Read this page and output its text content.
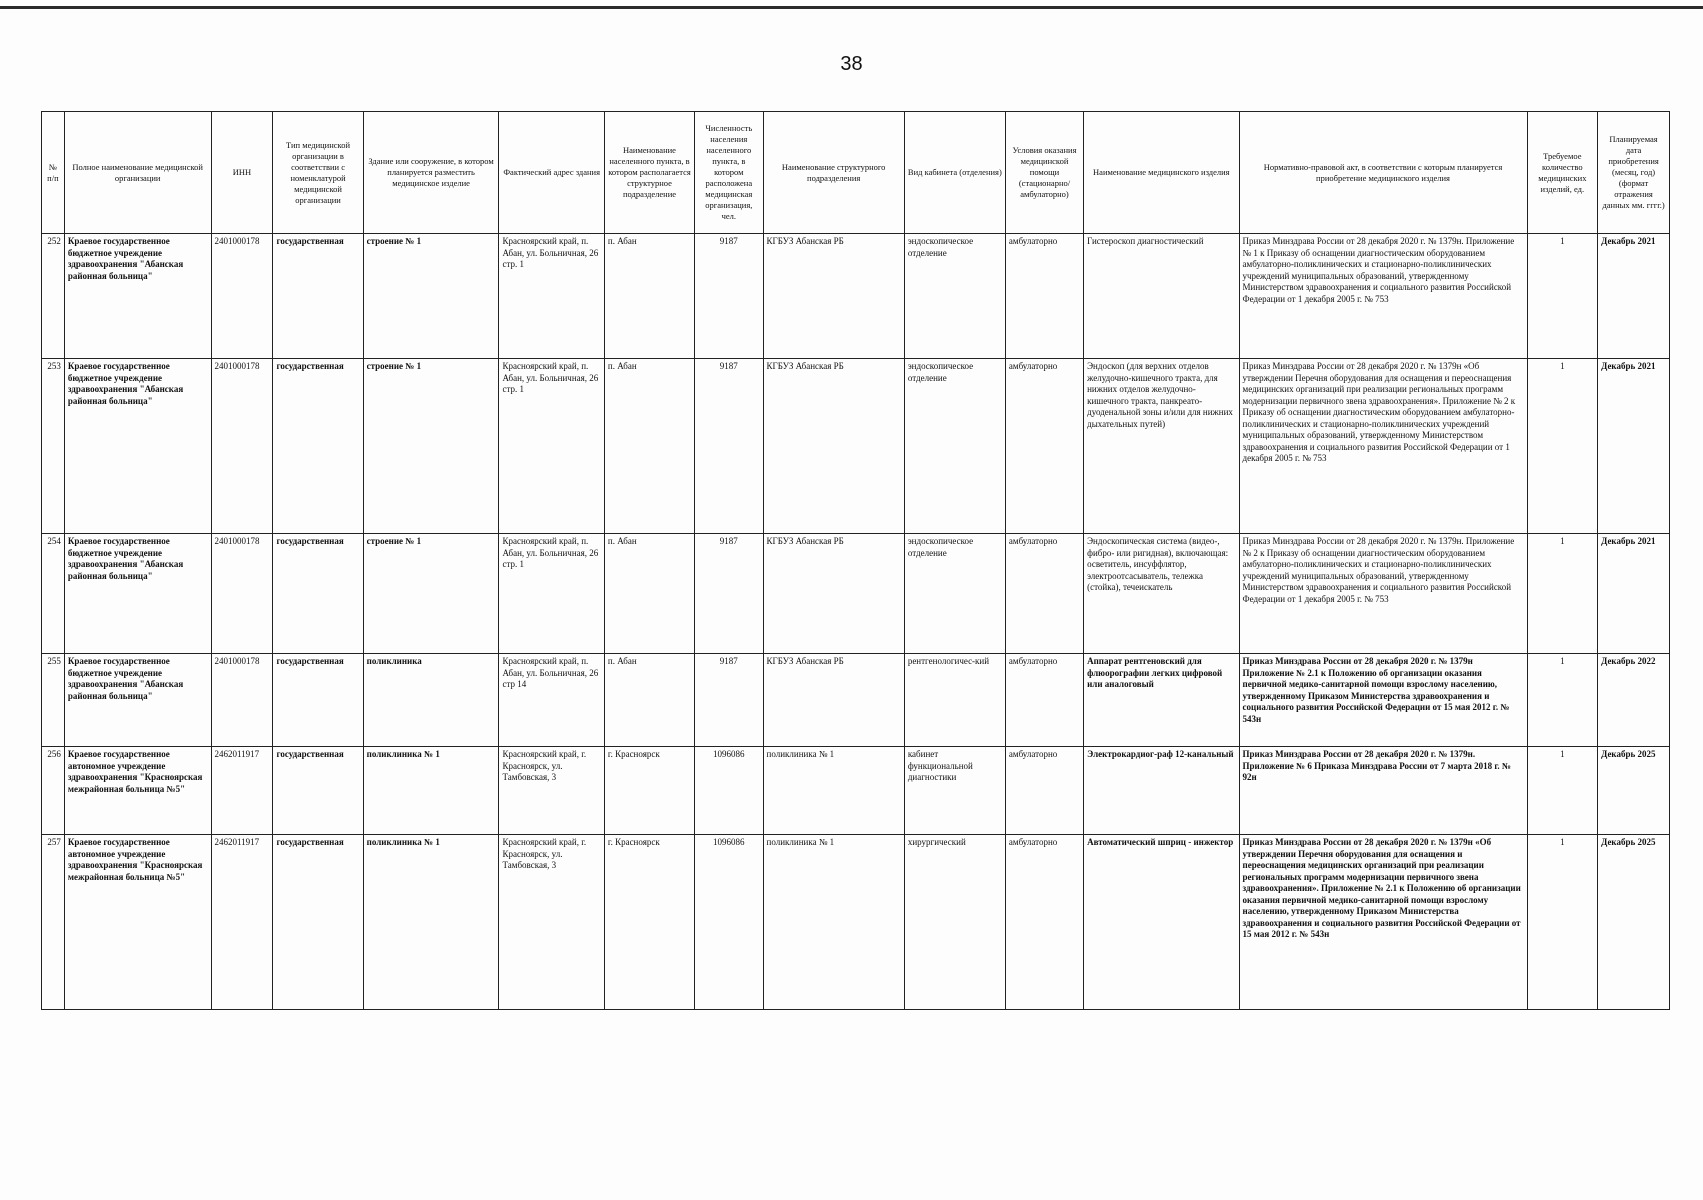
38
№ п/п	Полное наименование медицинской организации	ИНН	Тип медицинской организации в соответствии с номенклатурой медицинской организации	Здание или сооружение, в котором планируется разместить медицинское изделие	Фактический адрес здания	Наименование населенного пункта, в котором располагается структурное подразделение	Численность населения населенного пункта, в котором расположена медицинская организация, чел.	Наименование структурного подразделения	Вид кабинета (отделения)	Условия оказания медицинской помощи (стационарно/ амбулаторно)	Наименование медицинского изделия	Нормативно-правовой акт, в соответствии с которым планируется приобретение медицинского изделия	Требуемое количество медицинских изделий, ед.	Планируемая дата приобретения (месяц, год) (формат отражения данных мм. гггг.)
252	Краевое государственное бюджетное учреждение здравоохранения "Абанская районная больница"	2401000178	государственная	строение № 1	Красноярский край, п. Абан, ул. Больничная, 26 стр. 1	п. Абан	9187	КГБУЗ Абанская РБ	эндоскопическое отделение	амбулаторно	Гистероскоп диагностический	Приказ Минздрава России от 28 декабря 2020 г. № 1379н. Приложение № 1 к Приказу об оснащении диагностическим оборудованием амбулаторно-поликлинических и стационарно-поликлинических учреждений муниципальных образований, утвержденному Министерством здравоохранения и социального развития Российской Федерации от 1 декабря 2005 г. № 753	1	Декабрь 2021
253	Краевое государственное бюджетное учреждение здравоохранения "Абанская районная больница"	2401000178	государственная	строение № 1	Красноярский край, п. Абан, ул. Больничная, 26 стр. 1	п. Абан	9187	КГБУЗ Абанская РБ	эндоскопическое отделение	амбулаторно	Эндоскоп (для верхних отделов желудочно-кишечного тракта, для нижних отделов желудочно-кишечного тракта, панкреато-дуоденальной зоны и/или для нижних дыхательных путей)	Приказ Минздрава России от 28 декабря 2020 г. № 1379н «Об утверждении Перечня оборудования для оснащения и переоснащения медицинских организаций при реализации региональных программ модернизации первичного звена здравоохранения». Приложение № 2 к Приказу об оснащении диагностическим оборудованием амбулаторно-поликлинических и стационарно-поликлинических учреждений муниципальных образований, утвержденному Министерством здравоохранения и социального развития Российской Федерации от 1 декабря 2005 г. № 753	1	Декабрь 2021
254	Краевое государственное бюджетное учреждение здравоохранения "Абанская районная больница"	2401000178	государственная	строение № 1	Красноярский край, п. Абан, ул. Больничная, 26 стр. 1	п. Абан	9187	КГБУЗ Абанская РБ	эндоскопическое отделение	амбулаторно	Эндоскопическая система (видео-, фибро- или ригидная), включающая: осветитель, инсуффлятор, электроотсасыватель, тележка (стойка), течеискатель	Приказ Минздрава России от 28 декабря 2020 г. № 1379н. Приложение № 2 к Приказу об оснащении диагностическим оборудованием амбулаторно-поликлинических и стационарно-поликлинических учреждений муниципальных образований, утвержденному Министерством здравоохранения и социального развития Российской Федерации от 1 декабря 2005 г. № 753	1	Декабрь 2021
255	Краевое государственное бюджетное учреждение здравоохранения "Абанская районная больница"	2401000178	государственная	поликлиника	Красноярский край, п. Абан, ул. Больничная, 26 стр 14	п. Абан	9187	КГБУЗ Абанская РБ	рентгенологичес-кий	амбулаторно	Аппарат рентгеновский для флюорографии легких цифровой или аналоговый	Приказ Минздрава России от 28 декабря 2020 г. № 1379н Приложение № 2.1 к Положению об организации оказания первичной медико-санитарной помощи взрослому населению, утвержденному Приказом Министерства здравоохранения и социального развития Российской Федерации от 15 мая 2012 г. № 543н	1	Декабрь 2022
256	Краевое государственное автономное учреждение здравоохранения "Красноярская межрайонная больница №5"	2462011917	государственная	поликлиника № 1	Красноярский край, г. Красноярск, ул. Тамбовская, 3	г. Красноярск	1096086	поликлиника № 1	кабинет функциональной диагностики	амбулаторно	Электрокардиог-раф 12-канальный	Приказ Минздрава России от 28 декабря 2020 г. № 1379н. Приложение № 6 Приказа Минздрава России от 7 марта 2018 г. № 92н	1	Декабрь 2025
257	Краевое государственное автономное учреждение здравоохранения "Красноярская межрайонная больница №5"	2462011917	государственная	поликлиника № 1	Красноярский край, г. Красноярск, ул. Тамбовская, 3	г. Красноярск	1096086	поликлиника № 1	хирургический	амбулаторно	Автоматический шприц - инжектор	Приказ Минздрава России от 28 декабря 2020 г. № 1379н «Об утверждении Перечня оборудования для оснащения и переоснащения медицинских организаций при реализации региональных программ модернизации первичного звена здравоохранения». Приложение № 2.1 к Положению об организации оказания первичной медико-санитарной помощи взрослому населению, утвержденному Приказом Министерства здравоохранения и социального развития Российской Федерации от 15 мая 2012 г. № 543н	1	Декабрь 2025
